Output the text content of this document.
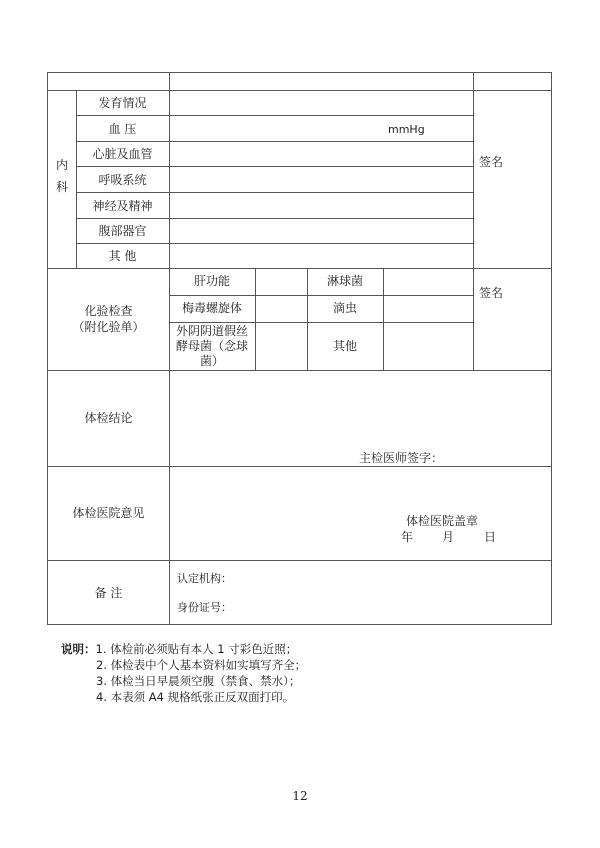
内科
发育情况
血 压	mmHg
心脏及血管
呼吸系统
神经及精神
腹部器官
其 他
签名
化验检查
（附化验单）
肝功能
梅毒螺旋体
外阴阴道假丝
酵母菌（念球
菌）
淋球菌
滴虫
其他
签名
体检结论
主检医师签字：
体检医院意见
体检医院盖章
年 月 日
备 注
认定机构：
身份证号：
说明：1. 体检前必须贴有本人 1 寸彩色近照；
2. 体检表中个人基本资料如实填写齐全；
3. 体检当日早晨须空腹（禁食、禁水）；
4. 本表须 A4 规格纸张正反双面打印。
12
